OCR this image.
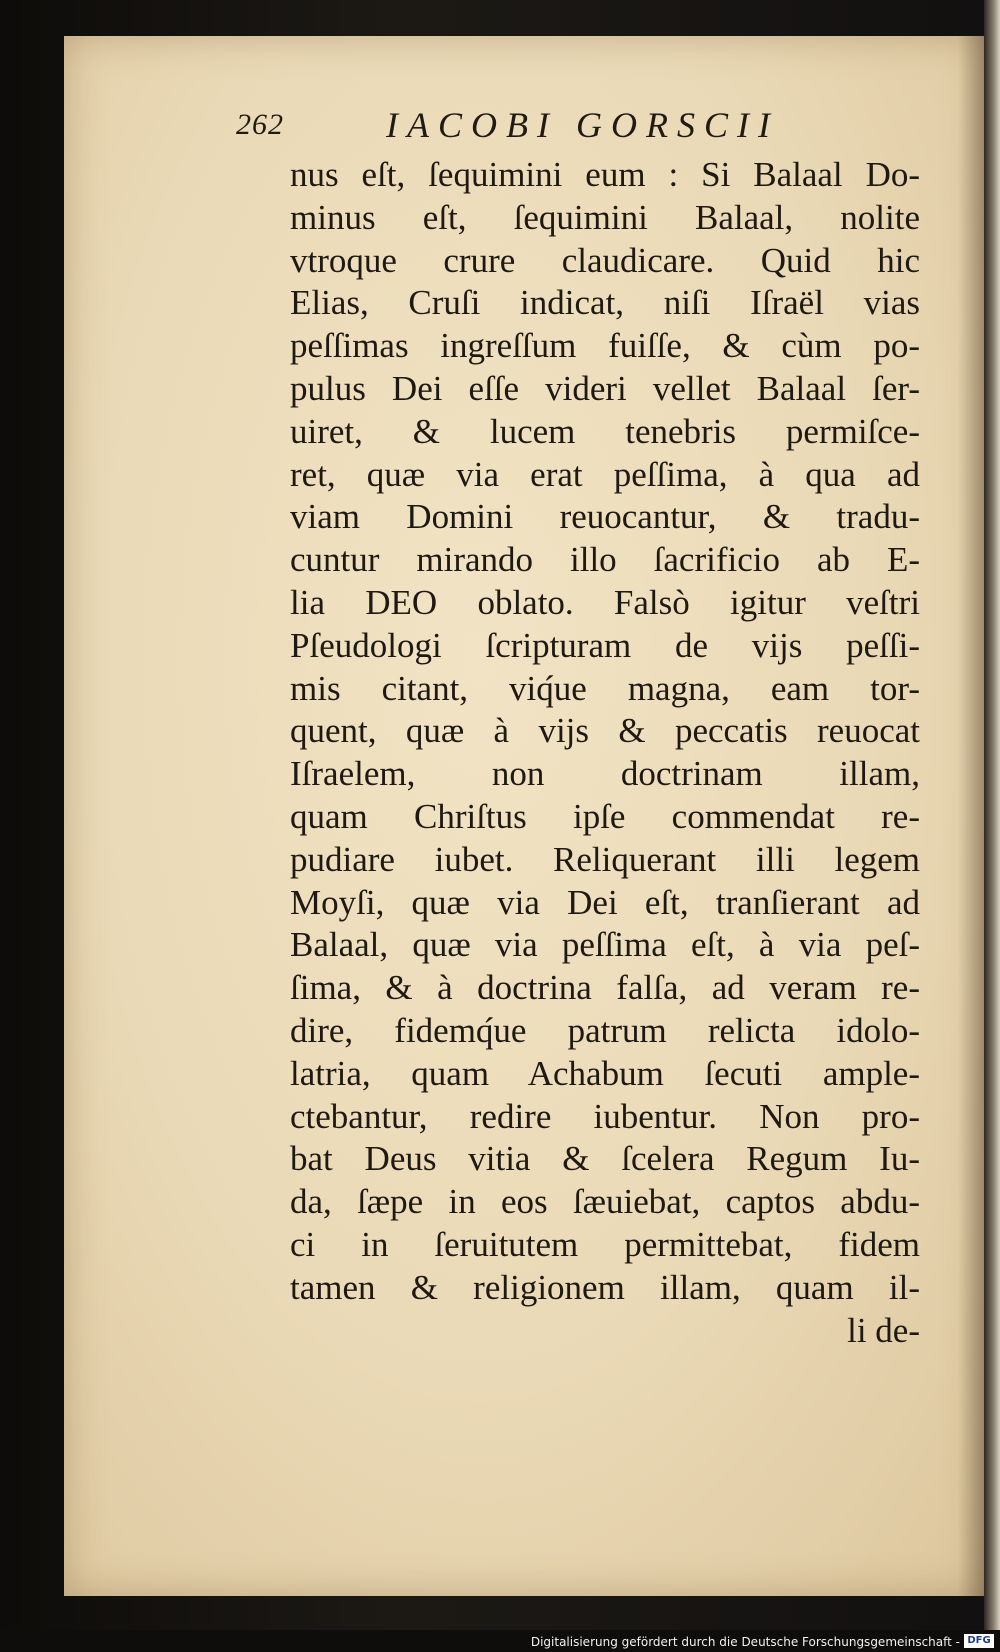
262	IACOBI GORSCII
nus eſt, ſequimini eum : Si Balaal Do-
minus eſt, ſequimini Balaal, nolite
vtroque crure claudicare. Quid hic
Elias, Cruſi indicat, niſi Iſraël vias
peſſimas ingreſſum fuiſſe, & cùm po-
pulus Dei eſſe videri vellet Balaal ſer-
uiret, & lucem tenebris permiſce-
ret, quæ via erat peſſima, à qua ad
viam Domini reuocantur, & tradu-
cuntur mirando illo ſacrificio ab E-
lia DEO oblato. Falsò igitur veſtri
Pſeudologi ſcripturam de vijs peſſi-
mis citant, viq́ue magna, eam tor-
quent, quæ à vijs & peccatis reuocat
Iſraelem, non doctrinam illam,
quam Chriſtus ipſe commendat re-
pudiare iubet. Reliquerant illi legem
Moyſi, quæ via Dei eſt, tranſierant ad
Balaal, quæ via peſſima eſt, à via peſ-
ſima, & à doctrina falſa, ad veram re-
dire, fidemq́ue patrum relicta idolo-
latria, quam Achabum ſecuti ample-
ctebantur, redire iubentur. Non pro-
bat Deus vitia & ſcelera Regum Iu-
da, ſæpe in eos ſæuiebat, captos abdu-
ci in ſeruitutem permittebat, fidem
tamen & religionem illam, quam il-
li de-
Digitalisierung gefördert durch die Deutsche Forschungsgemeinschaft - DFG
